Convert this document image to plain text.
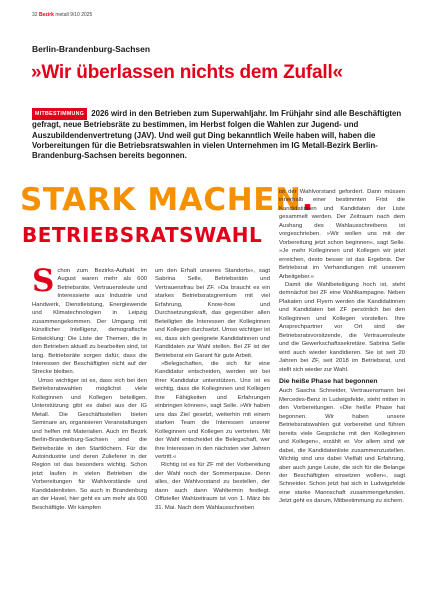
32 Bezirk metall 9/10 2025
Berlin-Brandenburg-Sachsen
»Wir überlassen nichts dem Zufall«
MITBESTIMMUNG 2026 wird in den Betrieben zum Superwahljahr. Im Frühjahr sind alle Beschäftigten gefragt, neue Betriebsräte zu bestimmen, im Herbst folgen die Wahlen zur Jugend- und Auszubildendenvertretung (JAV). Und weil gut Ding bekanntlich Weile haben will, haben die Vorbereitungen für die Betriebsratswahlen in vielen Unternehmen im IG Metall-Bezirk Berlin-Brandenburg-Sachsen bereits begonnen.
STARK MACHEN.
BETRIEBSRATSWAHL
S chon zum Bezirks-Auftakt im August waren mehr als 600 Betriebsräte, Vertrauensleute und Interessierte aus Industrie und Handwerk, Dienstleistung, Energiewende und Klimatechnologien in Leipzig zusammengekommen. Der Umgang mit künstlicher Intelligenz, demografische Entwicklung: Die Liste der Themen, die in den Betrieben aktuell zu bearbeiten sind, ist lang. Betriebsräte sorgen dafür, dass die Interessen der Beschäftigten nicht auf der Strecke bleiben.

Umso wichtiger ist es, dass sich bei den Betriebsratswahlen möglichst viele Kolleginnen und Kollegen beteiligen. Unterstützung gibt es dabei aus der IG Metall. Die Geschäftsstellen bieten Seminare an, organisieren Veranstaltungen und helfen mit Materialien. Auch im Bezirk Berlin-Brandenburg-Sachsen sind die Betriebsräte in den Startlöchern. Für die Autoindustrie und deren Zulieferer in der Region ist das besonders wichtig. Schon jetzt laufen in vielen Betrieben die Vorbereitungen für Wahlvorstände und Kandidatenlisten. So auch in Brandenburg an der Havel, hier geht es um mehr als 600 Beschäftigte. Wir kämpfen

um den Erhalt unseres Standorts«, sagt Sabrina Selle, Betriebsrätin und Vertrauensfrau bei ZF. »Da braucht es ein starkes Betriebsratsgremium mit viel Erfahrung, Know-how und Durchsetzungskraft, das gegenüber allen Beteiligten die Interessen der Kolleginnen und Kollegen durchsetzt. Umso wichtiger ist es, dass sich geeignete Kandidatinnen und Kandidaten zur Wahl stellen. Bei ZF ist der Betriebsrat ein Garant für gute Arbeit.

»Belegschaften, die sich für eine Kandidatur entscheiden, werden wir bei ihrer Kandidatur unterstützen. Uns ist es wichtig, dass die Kolleginnen und Kollegen ihre Fähigkeiten und Erfahrungen einbringen können«, sagt Selle. »Wir haben uns das Ziel gesetzt, weiterhin mit einem starken Team die Interessen unserer Kolleginnen und Kollegen zu vertreten. Mit der Wahl entscheidet die Belegschaft, wer ihre Interessen in den nächsten vier Jahren vertritt.«

Richtig ist es für ZF mit der Vorbereitung der Wahl noch der Sommerpause. Denn alles, der Wahlvorstand zu bestellen, der dann auch dann Wahltermin festlegt. Offizieller Wahlzeitraum ist von 1. März bis 31. Mai. Nach dem Wahlausschreiben

ist der Wahlvorstand gefordert. Dann müssen innerhalb einer bestimmten Frist die Kandidatinnen und Kandidaten der Liste gesammelt werden. Der Zeitraum nach dem Aushang des Wahlausschreibens ist vorgeschrieben. »Wir wollen uns mit der Vorbereitung jetzt schon beginnen«, sagt Selle. »Je mehr Kolleginnen und Kollegen wir jetzt erreichen, desto besser ist das Ergebnis. Der Betriebsrat im Verhandlungen mit unserem Arbeitgeber.«

Damit die Wahlbeteiligung hoch ist, steht demnächst bei ZF eine Wahlkampagne. Neben Plakaten und Flyern werden die Kandidatinnen und Kandidaten bei ZF persönlich bei den Kolleginnen und Kollegen vorstellen. Ihre Ansprechpartner vor Ort sind der Betriebsratsvorsitzende, die Vertrauensleute und die Gewerkschaftssekretäre. Sabrina Selle wird auch wieder kandidieren. Sie ist seit 20 Jahren bei ZF, seit 2018 im Betriebsrat, und stellt sich wieder zur Wahl.

Die heiße Phase hat begonnen

Auch Sascha Schneider, Vertrauensmann bei Mercedes-Benz in Ludwigsfelde, steht mitten in den Vorbereitungen. »Die heiße Phase hat begonnen. Wir haben unsere Betriebsratswahlen gut vorbereitet und führen bereits viele Gespräche mit den Kolleginnen und Kollegen«, erzählt er. Vor allem sind wir dabei, die Kandidatenliste zusammenzustellen. Wichtig sind uns dabei Vielfalt und Erfahrung, aber auch junge Leute, die sich für die Belange der Beschäftigten einsetzen wollen«, sagt Schneider. Schon jetzt hat sich in Ludwigsfelde eine starke Mannschaft zusammengefunden. Jetzt geht es darum, Mitbestimmung zu sichern.
